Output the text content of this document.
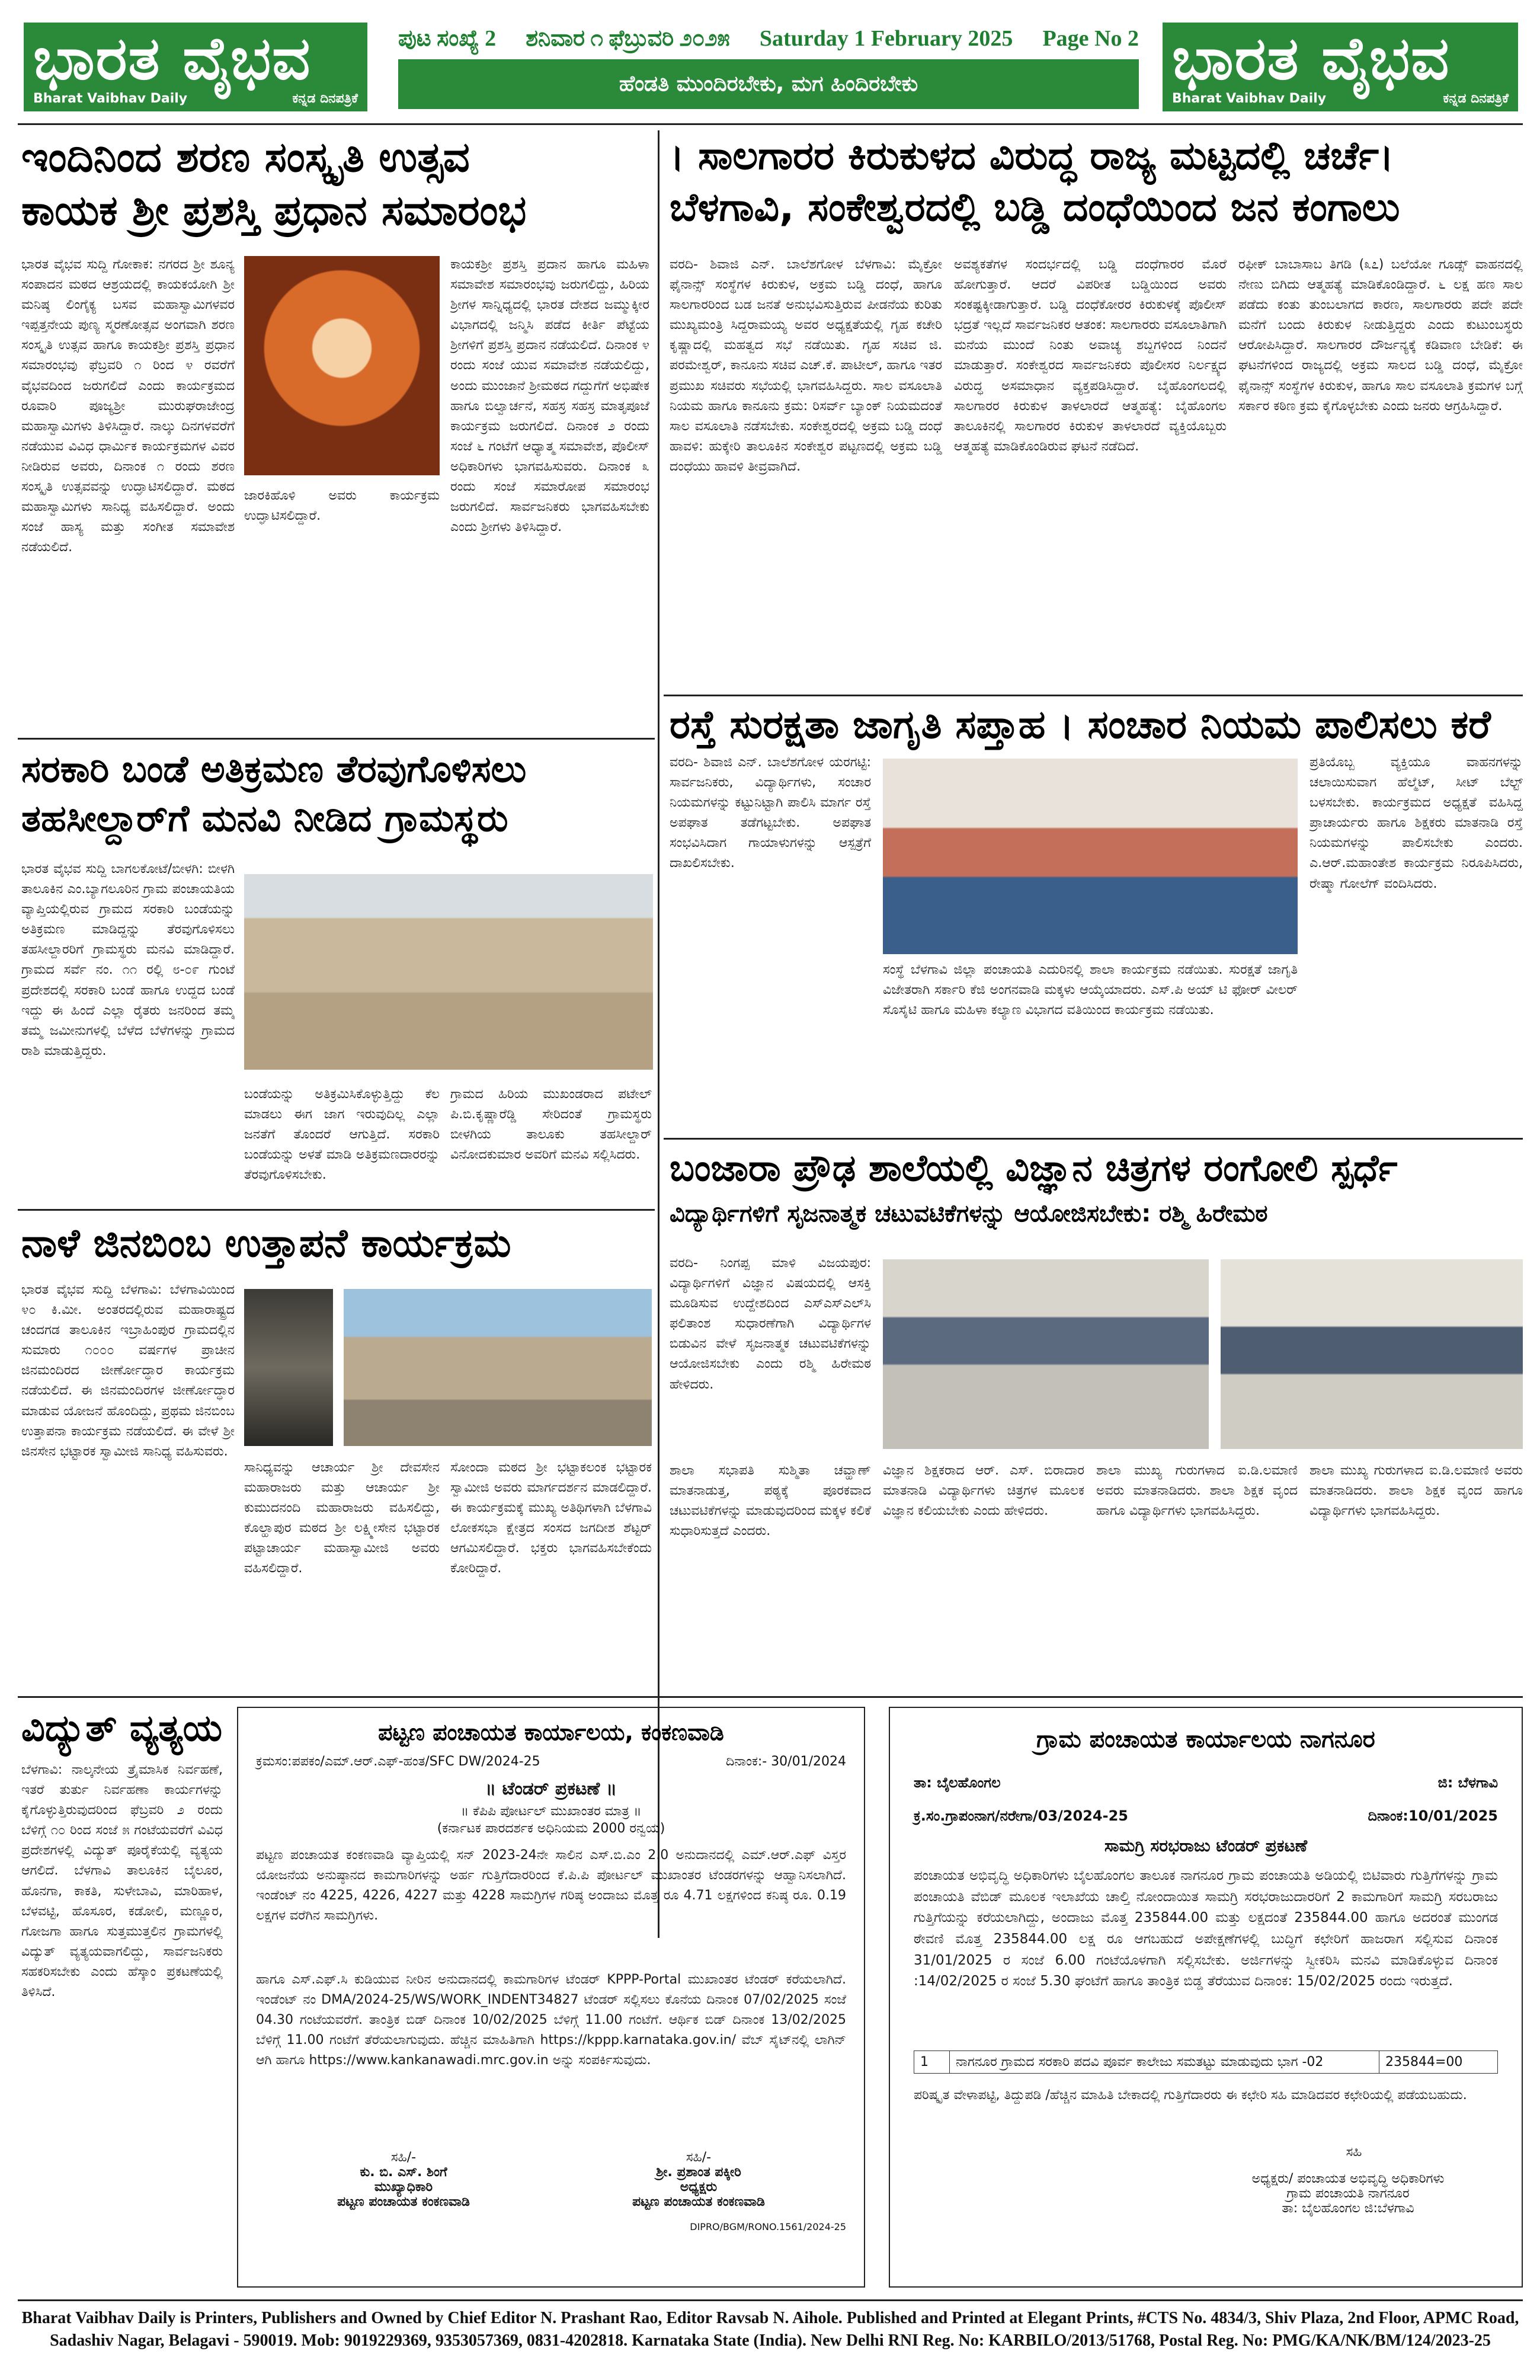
ಭಾರತ ವೈಭವ
Bharat Vaibhav Daily	ಕನ್ನಡ ದಿನಪತ್ರಿಕೆ
ಪುಟ ಸಂಖ್ಯೆ 2 ಶನಿವಾರ ೧ ಫೆಬ್ರುವರಿ ೨೦೨೫ Saturday 1 February 2025 Page No 2
ಹೆಂಡತಿ ಮುಂದಿರಬೇಕು, ಮಗ ಹಿಂದಿರಬೇಕು	ಭಾರತ ವೈಭವ
Bharat Vaibhav Daily	ಕನ್ನಡ ದಿನಪತ್ರಿಕೆ
ಇಂದಿನಿಂದ ಶರಣ ಸಂಸ್ಕೃತಿ ಉತ್ಸವ
ಕಾಯಕ ಶ್ರೀ ಪ್ರಶಸ್ತಿ ಪ್ರಧಾನ ಸಮಾರಂಭ
ಭಾರತ ವೈಭವ ಸುದ್ದಿ ಗೋಕಾಕ: ನಗರದ ಶ್ರೀ ಶೂನ್ಯ ಸಂಪಾದನ ಮಠದ ಆಶ್ರಯದಲ್ಲಿ ಕಾಯಕಯೋಗಿ ಶ್ರೀ ಮನಿಷ್ಠ ಲಿಂಗೈಕ್ಯ ಬಸವ ಮಹಾಸ್ವಾಮಿಗಳವರ ಇಪ್ಪತ್ತನೇಯ ಪುಣ್ಯ ಸ್ಮರಣೋತ್ಸವ ಅಂಗವಾಗಿ ಶರಣ ಸಂಸ್ಕೃತಿ ಉತ್ಸವ ಹಾಗೂ ಕಾಯಕಶ್ರೀ ಪ್ರಶಸ್ತಿ ಪ್ರಧಾನ ಸಮಾರಂಭವು ಫೆಬ್ರವರಿ ೧ ರಿಂದ ೪ ರವರೆಗೆ ವೈಭವದಿಂದ ಜರುಗಲಿದೆ ಎಂದು ಕಾರ್ಯಕ್ರಮದ ರೂವಾರಿ ಪೂಜ್ಯಶ್ರೀ ಮುರುಘರಾಜೇಂದ್ರ ಮಹಾಸ್ವಾಮಿಗಳು ತಿಳಿಸಿದ್ದಾರೆ. ನಾಲ್ಕು ದಿನಗಳವರೆಗೆ ನಡೆಯುವ ವಿವಿಧ ಧಾರ್ಮಿಕ ಕಾರ್ಯಕ್ರಮಗಳ ವಿವರ ನೀಡಿರುವ ಅವರು, ದಿನಾಂಕ ೧ ರಂದು ಶರಣ ಸಂಸ್ಕೃತಿ ಉತ್ಸವವನ್ನು ಉದ್ಘಾಟಿಸಲಿದ್ದಾರೆ. ಮಠದ ಮಹಾಸ್ವಾಮಿಗಳು ಸಾನಿಧ್ಯ ವಹಿಸಲಿದ್ದಾರೆ. ಅಂದು ಸಂಜೆ ಹಾಸ್ಯ ಮತ್ತು ಸಂಗೀತ ಸಮಾವೇಶ ನಡೆಯಲಿದೆ.
ಜಾರಕಿಹೊಳಿ ಅವರು ಕಾರ್ಯಕ್ರಮ ಉದ್ಘಾಟಿಸಲಿದ್ದಾರೆ.
ಕಾಯಕಶ್ರೀ ಪ್ರಶಸ್ತಿ ಪ್ರದಾನ ಹಾಗೂ ಮಹಿಳಾ ಸಮಾವೇಶ ಸಮಾರಂಭವು ಜರುಗಲಿದ್ದು, ಹಿರಿಯ ಶ್ರೀಗಳ ಸಾನ್ನಿಧ್ಯದಲ್ಲಿ ಭಾರತ ದೇಶದ ಜಮ್ಮುಕ್ಕೀರ ವಿಭಾಗದಲ್ಲಿ ಜನ್ಮಿಸಿ ಪಡೆದ ಕೀರ್ತಿ ಪೆಟ್ಟೆಯ ಶ್ರೀಗಳಿಗೆ ಪ್ರಶಸ್ತಿ ಪ್ರದಾನ ನಡೆಯಲಿದೆ. ದಿನಾಂಕ ೪ ರಂದು ಸಂಜೆ ಯುವ ಸಮಾವೇಶ ನಡೆಯಲಿದ್ದು, ಅಂದು ಮುಂಜಾನೆ ಶ್ರೀಮಠದ ಗದ್ದುಗೆಗೆ ಅಭಿಷೇಕ ಹಾಗೂ ಬಿಲ್ವಾರ್ಚನೆ, ಸಹಸ್ರ ಸಹಸ್ರ ಮಾತೃಪೂಜೆ ಕಾರ್ಯಕ್ರಮ ಜರುಗಲಿದೆ. ದಿನಾಂಕ ೨ ರಂದು ಸಂಜೆ ೬ ಗಂಟೆಗೆ ಆಧ್ಯಾತ್ಮ ಸಮಾವೇಶ, ಪೊಲೀಸ್ ಅಧಿಕಾರಿಗಳು ಭಾಗವಹಿಸುವರು. ದಿನಾಂಕ ೩ ರಂದು ಸಂಜೆ ಸಮಾರೋಪ ಸಮಾರಂಭ ಜರುಗಲಿದೆ. ಸಾರ್ವಜನಿಕರು ಭಾಗವಹಿಸಬೇಕು ಎಂದು ಶ್ರೀಗಳು ತಿಳಿಸಿದ್ದಾರೆ.
। ಸಾಲಗಾರರ ಕಿರುಕುಳದ ವಿರುದ್ಧ ರಾಜ್ಯ ಮಟ್ಟದಲ್ಲಿ ಚರ್ಚೆ।
ಬೆಳಗಾವಿ, ಸಂಕೇಶ್ವರದಲ್ಲಿ ಬಡ್ಡಿ ದಂಧೆಯಿಂದ ಜನ ಕಂಗಾಲು
ವರದಿ- ಶಿವಾಜಿ ಎನ್. ಬಾಲೆಶಗೋಳ ಬೆಳಗಾವಿ: ಮೈಕ್ರೋ ಫೈನಾನ್ಸ್ ಸಂಸ್ಥೆಗಳ ಕಿರುಕುಳ, ಅಕ್ರಮ ಬಡ್ಡಿ ದಂಧೆ, ಹಾಗೂ ಸಾಲಗಾರರಿಂದ ಬಡ ಜನತೆ ಅನುಭವಿಸುತ್ತಿರುವ ಪೀಡನೆಯ ಕುರಿತು ಮುಖ್ಯಮಂತ್ರಿ ಸಿದ್ದರಾಮಯ್ಯ ಅವರ ಅಧ್ಯಕ್ಷತೆಯಲ್ಲಿ ಗೃಹ ಕಚೇರಿ ಕೃಷ್ಣಾದಲ್ಲಿ ಮಹತ್ವದ ಸಭೆ ನಡೆಯಿತು. ಗೃಹ ಸಚಿವ ಜಿ. ಪರಮೇಶ್ವರ್, ಕಾನೂನು ಸಚಿವ ಎಚ್.ಕೆ. ಪಾಟೀಲ್, ಹಾಗೂ ಇತರ ಪ್ರಮುಖ ಸಚಿವರು ಸಭೆಯಲ್ಲಿ ಭಾಗವಹಿಸಿದ್ದರು. ಸಾಲ ವಸೂಲಾತಿ ನಿಯಮ ಹಾಗೂ ಕಾನೂನು ಕ್ರಮ: ರಿಸರ್ವ್ ಬ್ಯಾಂಕ್ ನಿಯಮದಂತೆ ಸಾಲ ವಸೂಲಾತಿ ನಡೆಸಬೇಕು. ಸಂಕೇಶ್ವರದಲ್ಲಿ ಅಕ್ರಮ ಬಡ್ಡಿ ದಂಧೆ ಹಾವಳಿ: ಹುಕ್ಕೇರಿ ತಾಲೂಕಿನ ಸಂಕೇಶ್ವರ ಪಟ್ಟಣದಲ್ಲಿ ಅಕ್ರಮ ಬಡ್ಡಿ ದಂಧೆಯು ಹಾವಳಿ ತೀವ್ರವಾಗಿದೆ.
ಅವಶ್ಯಕತೆಗಳ ಸಂದರ್ಭದಲ್ಲಿ ಬಡ್ಡಿ ದಂಧೆಗಾರರ ಮೊರೆ ಹೋಗುತ್ತಾರೆ. ಆದರೆ ವಿಪರೀತ ಬಡ್ಡಿಯಿಂದ ಅವರು ಸಂಕಷ್ಟಕ್ಕೀಡಾಗುತ್ತಾರೆ. ಬಡ್ಡಿ ದಂಧೆಕೋರರ ಕಿರುಕುಳಕ್ಕೆ ಪೊಲೀಸ್ ಭದ್ರತೆ ಇಲ್ಲದೆ ಸಾರ್ವಜನಿಕರ ಆತಂಕ: ಸಾಲಗಾರರು ವಸೂಲಾತಿಗಾಗಿ ಮನೆಯ ಮುಂದೆ ನಿಂತು ಅವಾಚ್ಯ ಶಬ್ದಗಳಿಂದ ನಿಂದನೆ ಮಾಡುತ್ತಾರೆ. ಸಂಕೇಶ್ವರದ ಸಾರ್ವಜನಿಕರು ಪೊಲೀಸರ ನಿರ್ಲಕ್ಷ್ಯದ ವಿರುದ್ಧ ಅಸಮಾಧಾನ ವ್ಯಕ್ತಪಡಿಸಿದ್ದಾರೆ. ಬೈಹೊಂಗಲದಲ್ಲಿ ಸಾಲಗಾರರ ಕಿರುಕುಳ ತಾಳಲಾರದೆ ಆತ್ಮಹತ್ಯೆ: ಬೈಹೊಂಗಲ ತಾಲೂಕಿನಲ್ಲಿ ಸಾಲಗಾರರ ಕಿರುಕುಳ ತಾಳಲಾರದೆ ವ್ಯಕ್ತಿಯೊಬ್ಬರು ಆತ್ಮಹತ್ಯೆ ಮಾಡಿಕೊಂಡಿರುವ ಘಟನೆ ನಡೆದಿದೆ.
ರಫೀಕ್ ಬಾಬಾಸಾಬ ತಿಗಡಿ (೩೭) ಬಲೆಯೋ ಗೂಡ್ಸ್ ವಾಹನದಲ್ಲಿ ನೇಣು ಬಿಗಿದು ಆತ್ಮಹತ್ಯೆ ಮಾಡಿಕೊಂಡಿದ್ದಾರೆ. ೬ ಲಕ್ಷ ಹಣ ಸಾಲ ಪಡೆದು ಕಂತು ತುಂಬಲಾಗದ ಕಾರಣ, ಸಾಲಗಾರರು ಪದೇ ಪದೇ ಮನೆಗೆ ಬಂದು ಕಿರುಕುಳ ನೀಡುತ್ತಿದ್ದರು ಎಂದು ಕುಟುಂಬಸ್ಥರು ಆರೋಪಿಸಿದ್ದಾರೆ. ಸಾಲಗಾರರ ದೌರ್ಜನ್ಯಕ್ಕೆ ಕಡಿವಾಣ ಬೇಡಿಕೆ: ಈ ಘಟನೆಗಳಿಂದ ರಾಜ್ಯದಲ್ಲಿ ಅಕ್ರಮ ಸಾಲದ ಬಡ್ಡಿ ದಂಧೆ, ಮೈಕ್ರೋ ಫೈನಾನ್ಸ್ ಸಂಸ್ಥೆಗಳ ಕಿರುಕುಳ, ಹಾಗೂ ಸಾಲ ವಸೂಲಾತಿ ಕ್ರಮಗಳ ಬಗ್ಗೆ ಸರ್ಕಾರ ಕಠಿಣ ಕ್ರಮ ಕೈಗೊಳ್ಳಬೇಕು ಎಂದು ಜನರು ಆಗ್ರಹಿಸಿದ್ದಾರೆ.
ರಸ್ತೆ ಸುರಕ್ಷತಾ ಜಾಗೃತಿ ಸಪ್ತಾಹ । ಸಂಚಾರ ನಿಯಮ ಪಾಲಿಸಲು ಕರೆ
ವರದಿ- ಶಿವಾಜಿ ಎನ್. ಬಾಲೆಶಗೋಳ ಯರಗಟ್ಟಿ: ಸಾರ್ವಜನಿಕರು, ವಿದ್ಯಾರ್ಥಿಗಳು, ಸಂಚಾರ ನಿಯಮಗಳನ್ನು ಕಟ್ಟುನಿಟ್ಟಾಗಿ ಪಾಲಿಸಿ ಮಾರ್ಗ ರಸ್ತೆ ಅಪಘಾತ ತಡೆಗಟ್ಟಬೇಕು. ಅಪಘಾತ ಸಂಭವಿಸಿದಾಗ ಗಾಯಾಳುಗಳನ್ನು ಆಸ್ಪತ್ರೆಗೆ ದಾಖಲಿಸಬೇಕು.
ಸಂಸ್ಥೆ ಬೆಳಗಾವಿ ಜಿಲ್ಲಾ ಪಂಚಾಯತಿ ಎದುರಿನಲ್ಲಿ ಶಾಲಾ ಕಾರ್ಯಕ್ರಮ ನಡೆಯಿತು. ಸುರಕ್ಷತೆ ಜಾಗೃತಿ ವಿಜೇತರಾಗಿ ಸರ್ಕಾರಿ ಕೆಜಿ ಅಂಗನವಾಡಿ ಮಕ್ಕಳು ಆಯ್ಕೆಯಾದರು. ಎಸ್.ಪಿ ಅಯ್ ಟಿ ಫೋರ್ ವೀಲರ್ ಸೊಸೈಟಿ ಹಾಗೂ ಮಹಿಳಾ ಕಲ್ಯಾಣ ವಿಭಾಗದ ವತಿಯಿಂದ ಕಾರ್ಯಕ್ರಮ ನಡೆಯಿತು.
ಪ್ರತಿಯೊಬ್ಬ ವ್ಯಕ್ತಿಯೂ ವಾಹನಗಳನ್ನು ಚಲಾಯಿಸುವಾಗ ಹೆಲ್ಮೆಟ್, ಸೀಟ್ ಬೆಲ್ಟ್ ಬಳಸಬೇಕು. ಕಾರ್ಯಕ್ರಮದ ಅಧ್ಯಕ್ಷತೆ ವಹಿಸಿದ್ದ ಪ್ರಾಚಾರ್ಯರು ಹಾಗೂ ಶಿಕ್ಷಕರು ಮಾತನಾಡಿ ರಸ್ತೆ ನಿಯಮಗಳನ್ನು ಪಾಲಿಸಬೇಕು ಎಂದರು. ಎ.ಆರ್.ಮಹಾಂತೇಶ ಕಾರ್ಯಕ್ರಮ ನಿರೂಪಿಸಿದರು, ರೇಷ್ಮಾ ಗೋಲೆಗ್ ವಂದಿಸಿದರು.
ಸರಕಾರಿ ಬಂಡೆ ಅತಿಕ್ರಮಣ ತೆರವುಗೊಳಿಸಲು
ತಹಸೀಲ್ದಾರ್‌ಗೆ ಮನವಿ ನೀಡಿದ ಗ್ರಾಮಸ್ಥರು
ಭಾರತ ವೈಭವ ಸುದ್ದಿ ಬಾಗಲಕೋಟೆ/ಬೀಳಗಿ: ಬೀಳಗಿ ತಾಲೂಕಿನ ಎಂ.ಬ್ಯಾಗಲೂರಿನ ಗ್ರಾಮ ಪಂಚಾಯತಿಯ ವ್ಯಾಪ್ತಿಯಲ್ಲಿರುವ ಗ್ರಾಮದ ಸರಕಾರಿ ಬಂಡೆಯನ್ನು ಅತಿಕ್ರಮಣ ಮಾಡಿದ್ದನ್ನು ತೆರವುಗೊಳಿಸಲು ತಹಸೀಲ್ದಾರರಿಗೆ ಗ್ರಾಮಸ್ಥರು ಮನವಿ ಮಾಡಿದ್ದಾರೆ. ಗ್ರಾಮದ ಸರ್ವೆ ನಂ. ೧೧ ರಲ್ಲಿ ೮-೦೯ ಗುಂಟೆ ಪ್ರದೇಶದಲ್ಲಿ ಸರಕಾರಿ ಬಂಡೆ ಹಾಗೂ ಉದ್ದದ ಬಂಡೆ ಇದ್ದು ಈ ಹಿಂದೆ ಎಲ್ಲಾ ರೈತರು ಜನರಿಂದ ತಮ್ಮ ತಮ್ಮ ಜಮೀನುಗಳಲ್ಲಿ ಬೆಳೆದ ಬೆಳೆಗಳನ್ನು ಗ್ರಾಮದ ರಾಶಿ ಮಾಡುತ್ತಿದ್ದರು.
ಬಂಡೆಯನ್ನು ಅತಿಕ್ರಮಿಸಿಕೊಳ್ಳುತ್ತಿದ್ದು ಕೆಲ ಮಾಡಲು ಈಗ ಜಾಗ ಇರುವುದಿಲ್ಲ ಎಲ್ಲಾ ಜನತೆಗೆ ತೊಂದರೆ ಆಗುತ್ತಿದೆ. ಸರಕಾರಿ ಬಂಡೆಯನ್ನು ಅಳತೆ ಮಾಡಿ ಅತಿಕ್ರಮಣದಾರರನ್ನು ತೆರವುಗೊಳಿಸಬೇಕು.
ಗ್ರಾಮದ ಹಿರಿಯ ಮುಖಂಡರಾದ ಪಟೇಲ್ ಪಿ.ಬಿ.ಕೃಷ್ಣಾರೆಡ್ಡಿ ಸೇರಿದಂತೆ ಗ್ರಾಮಸ್ಥರು ಬೀಳಗಿಯ ತಾಲೂಕು ತಹಸೀಲ್ದಾರ್ ವಿನೋದಕುಮಾರ ಅವರಿಗೆ ಮನವಿ ಸಲ್ಲಿಸಿದರು.
ನಾಳೆ ಜಿನಬಿಂಬ ಉತ್ತಾಪನೆ ಕಾರ್ಯಕ್ರಮ
ಭಾರತ ವೈಭವ ಸುದ್ದಿ ಬೆಳಗಾವಿ: ಬೆಳಗಾವಿಯಿಂದ ೪೦ ಕಿ.ಮೀ. ಅಂತರದಲ್ಲಿರುವ ಮಹಾರಾಷ್ಟ್ರದ ಚಂದಗಡ ತಾಲೂಕಿನ ಇಬ್ರಾಹಿಂಪುರ ಗ್ರಾಮದಲ್ಲಿನ ಸುಮಾರು ೧೦೦೦ ವರ್ಷಗಳ ಪ್ರಾಚೀನ ಜಿನಮಂದಿರದ ಜೀರ್ಣೋದ್ಧಾರ ಕಾರ್ಯಕ್ರಮ ನಡೆಯಲಿದೆ. ಈ ಜಿನಮಂದಿರಗಳ ಜೀರ್ಣೋದ್ಧಾರ ಮಾಡುವ ಯೋಜನೆ ಹೊಂದಿದ್ದು, ಪ್ರಥಮ ಜಿನಬಿಂಬ ಉತ್ತಾಪನಾ ಕಾರ್ಯಕ್ರಮ ನಡೆಯಲಿದೆ. ಈ ವೇಳೆ ಶ್ರೀ ಜಿನಸೇನ ಭಟ್ಟಾರಕ ಸ್ವಾಮೀಜಿ ಸಾನಿಧ್ಯ ವಹಿಸುವರು.
ಸಾನಿಧ್ಯವನ್ನು ಆಚಾರ್ಯ ಶ್ರೀ ದೇವಸೇನ ಮಹಾರಾಜರು ಮತ್ತು ಆಚಾರ್ಯ ಶ್ರೀ ಕುಮುದನಂದಿ ಮಹಾರಾಜರು ವಹಿಸಲಿದ್ದು, ಕೊಲ್ಹಾಪುರ ಮಠದ ಶ್ರೀ ಲಕ್ಷ್ಮೀಸೇನ ಭಟ್ಟಾರಕ ಪಟ್ಟಾಚಾರ್ಯ ಮಹಾಸ್ವಾಮೀಜಿ ಅವರು ವಹಿಸಲಿದ್ದಾರೆ.
ಸೋಂದಾ ಮಠದ ಶ್ರೀ ಭಟ್ಟಾಕಲಂಕ ಭಟ್ಟಾರಕ ಸ್ವಾಮೀಜಿ ಅವರು ಮಾರ್ಗದರ್ಶನ ಮಾಡಲಿದ್ದಾರೆ. ಈ ಕಾರ್ಯಕ್ರಮಕ್ಕೆ ಮುಖ್ಯ ಅತಿಥಿಗಳಾಗಿ ಬೆಳಗಾವಿ ಲೋಕಸಭಾ ಕ್ಷೇತ್ರದ ಸಂಸದ ಜಗದೀಶ ಶೆಟ್ಟರ್ ಆಗಮಿಸಲಿದ್ದಾರೆ. ಭಕ್ತರು ಭಾಗವಹಿಸಬೇಕೆಂದು ಕೋರಿದ್ದಾರೆ.
ಬಂಜಾರಾ ಪ್ರೌಢ ಶಾಲೆಯಲ್ಲಿ ವಿಜ್ಞಾನ ಚಿತ್ರಗಳ ರಂಗೋಲಿ ಸ್ಪರ್ಧೆ
ವಿದ್ಯಾರ್ಥಿಗಳಿಗೆ ಸೃಜನಾತ್ಮಕ ಚಟುವಟಿಕೆಗಳನ್ನು ಆಯೋಜಿಸಬೇಕು: ರಶ್ಮಿ ಹಿರೇಮಠ
ವರದಿ- ನಿಂಗಪ್ಪ ಮಾಳಿ ವಿಜಯಪುರ: ವಿದ್ಯಾರ್ಥಿಗಳಿಗೆ ವಿಜ್ಞಾನ ವಿಷಯದಲ್ಲಿ ಆಸಕ್ತಿ ಮೂಡಿಸುವ ಉದ್ದೇಶದಿಂದ ಎಸ್ಎಸ್ಎಲ್‌ಸಿ ಫಲಿತಾಂಶ ಸುಧಾರಣೆಗಾಗಿ ವಿದ್ಯಾರ್ಥಿಗಳ ಬಿಡುವಿನ ವೇಳೆ ಸೃಜನಾತ್ಮಕ ಚಟುವಟಿಕೆಗಳನ್ನು ಆಯೋಜಿಸಬೇಕು ಎಂದು ರಶ್ಮಿ ಹಿರೇಮಠ ಹೇಳಿದರು.
ಶಾಲಾ ಸಭಾಪತಿ ಸುಶ್ಮಿತಾ ಚವ್ಹಾಣ್ ಮಾತನಾಡುತ್ತ, ಪಠ್ಯಕ್ಕೆ ಪೂರಕವಾದ ಚಟುವಟಿಕೆಗಳನ್ನು ಮಾಡುವುದರಿಂದ ಮಕ್ಕಳ ಕಲಿಕೆ ಸುಧಾರಿಸುತ್ತದೆ ಎಂದರು.
ವಿಜ್ಞಾನ ಶಿಕ್ಷಕರಾದ ಆರ್. ಎಸ್. ಬಿರಾದಾರ ಮಾತನಾಡಿ ವಿದ್ಯಾರ್ಥಿಗಳು ಚಿತ್ರಗಳ ಮೂಲಕ ವಿಜ್ಞಾನ ಕಲಿಯಬೇಕು ಎಂದು ಹೇಳಿದರು.
ಶಾಲಾ ಮುಖ್ಯ ಗುರುಗಳಾದ ಐ.ಡಿ.ಲಮಾಣಿ ಅವರು ಮಾತನಾಡಿದರು. ಶಾಲಾ ಶಿಕ್ಷಕ ವೃಂದ ಹಾಗೂ ವಿದ್ಯಾರ್ಥಿಗಳು ಭಾಗವಹಿಸಿದ್ದರು.
ಶಾಲಾ ಮುಖ್ಯ ಗುರುಗಳಾದ ಐ.ಡಿ.ಲಮಾಣಿ ಅವರು ಮಾತನಾಡಿದರು. ಶಾಲಾ ಶಿಕ್ಷಕ ವೃಂದ ಹಾಗೂ ವಿದ್ಯಾರ್ಥಿಗಳು ಭಾಗವಹಿಸಿದ್ದರು.
ವಿದ್ಯುತ್ ವ್ಯತ್ಯಯ
ಬೆಳಗಾವಿ: ನಾಲ್ಕನೇಯ ತ್ರೈಮಾಸಿಕ ನಿರ್ವಹಣೆ, ಇತರೆ ತುರ್ತು ನಿರ್ವಹಣಾ ಕಾರ್ಯಗಳನ್ನು ಕೈಗೊಳ್ಳುತ್ತಿರುವುದರಿಂದ ಫೆಬ್ರವರಿ ೨ ರಂದು ಬೆಳಿಗ್ಗೆ ೧೦ ರಿಂದ ಸಂಜೆ ೫ ಗಂಟೆಯವರೆಗೆ ವಿವಿಧ ಪ್ರದೇಶಗಳಲ್ಲಿ ವಿದ್ಯುತ್ ಪೂರೈಕೆಯಲ್ಲಿ ವ್ಯತ್ಯಯ ಆಗಲಿದೆ. ಬೆಳಗಾವಿ ತಾಲೂಕಿನ ಬೈಲೂರ, ಹೊನಗಾ, ಕಾಕತಿ, ಸುಳೇಬಾವಿ, ಮಾರಿಹಾಳ, ಬೆಳವಟ್ಟಿ, ಹೊಸೂರ, ಕಡೋಲಿ, ಮಣ್ಣೂರ, ಗೋಜಗಾ ಹಾಗೂ ಸುತ್ತಮುತ್ತಲಿನ ಗ್ರಾಮಗಳಲ್ಲಿ ವಿದ್ಯುತ್ ವ್ಯತ್ಯಯವಾಗಲಿದ್ದು, ಸಾರ್ವಜನಿಕರು ಸಹಕರಿಸಬೇಕು ಎಂದು ಹೆಸ್ಕಾಂ ಪ್ರಕಟಣೆಯಲ್ಲಿ ತಿಳಿಸಿದೆ.
ಪಟ್ಟಣ ಪಂಚಾಯತ ಕಾರ್ಯಾಲಯ, ಕಂಕಣವಾಡಿ
ಕ್ರಮಸಂ:ಪಪಕಂ/ಎಮ್.ಆರ್.ಎಫ್-ಹಂತ/SFC DW/2024-25	ದಿನಾಂಕ:- 30/01/2024
॥ ಟೆಂಡರ್ ಪ್ರಕಟಣೆ ॥
॥ ಕೆಪಿಪಿ ಪೋರ್ಟಲ್ ಮುಖಾಂತರ ಮಾತ್ರ ॥
(ಕರ್ನಾಟಕ ಪಾರದರ್ಶಕ ಅಧಿನಿಯಮ 2000 ರನ್ವಯ)
ಪಟ್ಟಣ ಪಂಚಾಯತ ಕಂಕಣವಾಡಿ ವ್ಯಾಪ್ತಿಯಲ್ಲಿ ಸನ್ 2023-24ನೇ ಸಾಲಿನ ಎಸ್.ಬಿ.ಎಂ 2.0 ಅನುದಾನದಲ್ಲಿ ಎಮ್.ಆರ್.ಎಫ್ ವಿಸ್ತರ ಯೋಜನೆಯ ಅನುಷ್ಠಾನದ ಕಾಮಗಾರಿಗಳನ್ನು ಅರ್ಹ ಗುತ್ತಿಗೆದಾರರಿಂದ ಕೆ.ಪಿ.ಪಿ ಪೋರ್ಟಲ್ ಮುಖಾಂತರ ಟೆಂಡರಗಳನ್ನು ಆಹ್ವಾನಿಸಲಾಗಿದೆ. ಇಂಡೆಂಟ್ ನಂ 4225, 4226, 4227 ಮತ್ತು 4228 ಸಾಮಗ್ರಿಗಳ ಗರಿಷ್ಠ ಅಂದಾಜು ಮೊತ್ತ ರೂ 4.71 ಲಕ್ಷಗಳಿಂದ ಕನಿಷ್ಠ ರೂ. 0.19 ಲಕ್ಷಗಳ ವರೆಗಿನ ಸಾಮಗ್ರಿಗಳು.
ಹಾಗೂ ಎಸ್.ಎಫ್.ಸಿ ಕುಡಿಯುವ ನೀರಿನ ಅನುದಾನದಲ್ಲಿ ಕಾಮಗಾರಿಗಳ ಟೆಂಡರ್ KPPP-Portal ಮುಖಾಂತರ ಟೆಂಡರ್ ಕರೆಯಲಾಗಿದೆ. ಇಂಡೆಂಟ್ ನಂ DMA/2024-25/WS/WORK_INDENT34827 ಟೆಂಡರ್ ಸಲ್ಲಿಸಲು ಕೊನೆಯ ದಿನಾಂಕ 07/02/2025 ಸಂಜೆ 04.30 ಗಂಟೆಯವರೆಗೆ. ತಾಂತ್ರಿಕ ಬಿಡ್ ದಿನಾಂಕ 10/02/2025 ಬೆಳಿಗ್ಗೆ 11.00 ಗಂಟೆಗೆ. ಆರ್ಥಿಕ ಬಿಡ್ ದಿನಾಂಕ 13/02/2025 ಬೆಳಿಗ್ಗೆ 11.00 ಗಂಟೆಗೆ ತೆರೆಯಲಾಗುವುದು. ಹೆಚ್ಚಿನ ಮಾಹಿತಿಗಾಗಿ https://kppp.karnataka.gov.in/ ವೆಬ್ ಸೈಟ್‌ನಲ್ಲಿ ಲಾಗಿನ್ ಆಗಿ ಹಾಗೂ https://www.kankanawadi.mrc.gov.in ಅನ್ನು ಸಂಪರ್ಕಿಸುವುದು.
ಸಹಿ/-
ಕು. ಬಿ. ಎಸ್. ಶಿಂಗೆ
ಮುಖ್ಯಾಧಿಕಾರಿ
ಪಟ್ಟಣ ಪಂಚಾಯತ ಕಂಕಣವಾಡಿ
ಸಹಿ/-
ಶ್ರೀ. ಪ್ರಶಾಂತ ಪಕ್ಕೀರಿ
ಅಧ್ಯಕ್ಷರು
ಪಟ್ಟಣ ಪಂಚಾಯತ ಕಂಕಣವಾಡಿ
DIPRO/BGM/RONO.1561/2024-25
ಗ್ರಾಮ ಪಂಚಾಯತ ಕಾರ್ಯಾಲಯ ನಾಗನೂರ
ತಾ: ಬೈಲಹೊಂಗಲ	ಜಿ: ಬೆಳಗಾವಿ
ಕ್ರ.ಸಂ.ಗ್ರಾಪಂನಾಗ/ನರೇಗಾ/03/2024-25	ದಿನಾಂಕ:10/01/2025
ಸಾಮಗ್ರಿ ಸರಭರಾಜು ಟೆಂಡರ್ ಪ್ರಕಟಣೆ
ಪಂಚಾಯತ ಅಭಿವೃದ್ಧಿ ಅಧಿಕಾರಿಗಳು ಬೈಲಹೊಂಗಲ ತಾಲೂಕ ನಾಗನೂರ ಗ್ರಾಮ ಪಂಚಾಯತಿ ಅಡಿಯಲ್ಲಿ ಬಿಟಿವಾರು ಗುತ್ತಿಗೆಗಳನ್ನು ಗ್ರಾಮ ಪಂಚಾಯತಿ ವೆಬಿಡ್ ಮೂಲಕ ಇಲಾಖೆಯ ಚಾಲ್ತಿ ನೋಂದಾಯಿತ ಸಾಮಗ್ರಿ ಸರಭರಾಜುದಾರರಿಗೆ 2 ಕಾಮಗಾರಿಗೆ ಸಾಮಗ್ರಿ ಸರಬರಾಜು ಗುತ್ತಿಗೆಯನ್ನು ಕರೆಯಲಾಗಿದ್ದು, ಅಂದಾಜು ಮೊತ್ತ 235844.00 ಮತ್ತು ಲಕ್ಷದಂತೆ 235844.00 ಹಾಗೂ ಅದರಂತೆ ಮುಂಗಡ ಠೇವಣಿ ಮೊತ್ತ 235844.00 ಲಕ್ಷ ರೂ ಆಗಬಹುದೆ ಅಪೇಕ್ಷಣೆಗಳಲ್ಲಿ ಬುದ್ಧಿಗೆ ಕಛೇರಿಗೆ ಹಾಜರಾಗ ಸಲ್ಲಿಸುವ ದಿನಾಂಕ 31/01/2025 ರ ಸಂಜೆ 6.00 ಗಂಟೆಯೊಳಗಾಗಿ ಸಲ್ಲಿಸಬೇಕು. ಅರ್ಜಿಗಳನ್ನು ಸ್ವೀಕರಿಸಿ ಮನವಿ ಮಾಡಿಕೊಳ್ಳುವ ದಿನಾಂಕ :14/02/2025 ರ ಸಂಜೆ 5.30 ಘಂಟೆಗೆ ಹಾಗೂ ತಾಂತ್ರಿಕ ಬಿಡ್ಡ ತೆರೆಯುವ ದಿನಾಂಕ: 15/02/2025 ರಂದು ಇರುತ್ತದೆ.
1	ನಾಗನೂರ ಗ್ರಾಮದ ಸರಕಾರಿ ಪದವಿ ಪೂರ್ವ ಕಾಲೇಜು ಸಮತಟ್ಟು ಮಾಡುವುದು ಭಾಗ -02	235844=00
ಪರಿಷ್ಕೃತ ವೇಳಾಪಟ್ಟಿ, ತಿದ್ದುಪಡಿ /ಹೆಚ್ಚಿನ ಮಾಹಿತಿ ಬೇಕಾದಲ್ಲಿ ಗುತ್ತಿಗೆದಾರರು ಈ ಕಛೇರಿ ಸಹಿ ಮಾಡಿದವರ ಕಛೇರಿಯಲ್ಲಿ ಪಡೆಯಬಹುದು.
ಸಹಿ
ಅಧ್ಯಕ್ಷರು/ ಪಂಚಾಯತ ಅಭಿವೃದ್ಧಿ ಅಧಿಕಾರಿಗಳು
ಗ್ರಾಮ ಪಂಚಾಯತಿ ನಾಗನೂರ
ತಾ: ಬೈಲಹೊಂಗಲ ಜಿ:ಬೆಳಗಾವಿ
Bharat Vaibhav Daily is Printers, Publishers and Owned by Chief Editor N. Prashant Rao, Editor Ravsab N. Aihole. Published and Printed at Elegant Prints, #CTS No. 4834/3, Shiv Plaza, 2nd Floor, APMC Road,
Sadashiv Nagar, Belagavi - 590019. Mob: 9019229369, 9353057369, 0831-4202818. Karnataka State (India). New Delhi RNI Reg. No: KARBILO/2013/51768, Postal Reg. No: PMG/KA/NK/BM/124/2023-25
